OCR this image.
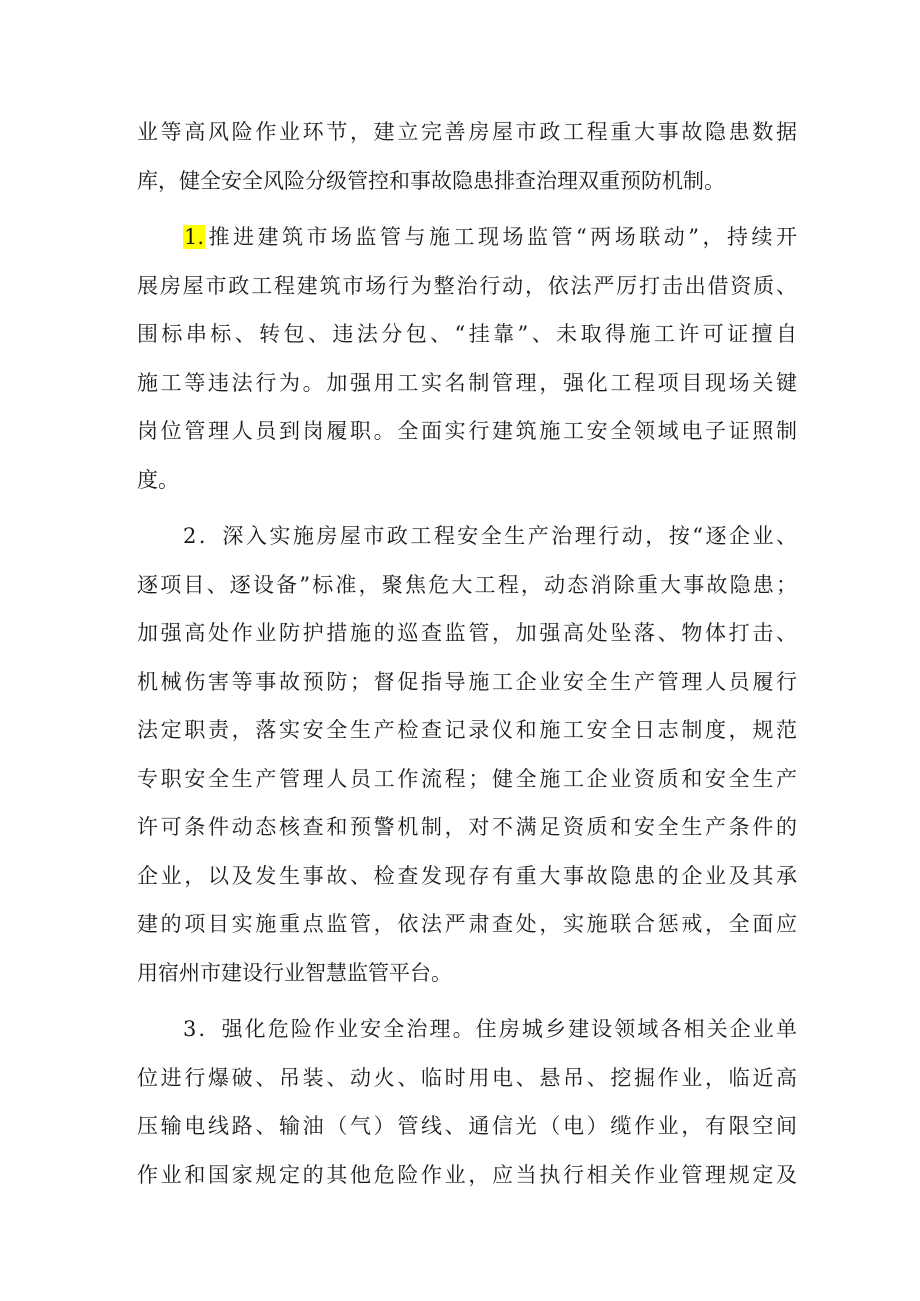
业等高风险作业环节，建立完善房屋市政工程重大事故隐患数据
库，健全安全风险分级管控和事故隐患排查治理双重预防机制。
1.推进建筑市场监管与施工现场监管“两场联动”，持续开
展房屋市政工程建筑市场行为整治行动，依法严厉打击出借资质、
围标串标、转包、违法分包、“挂靠”、未取得施工许可证擅自
施工等违法行为。加强用工实名制管理，强化工程项目现场关键
岗位管理人员到岗履职。全面实行建筑施工安全领域电子证照制
度。
2．深入实施房屋市政工程安全生产治理行动，按“逐企业、
逐项目、逐设备”标准，聚焦危大工程，动态消除重大事故隐患；
加强高处作业防护措施的巡查监管，加强高处坠落、物体打击、
机械伤害等事故预防；督促指导施工企业安全生产管理人员履行
法定职责，落实安全生产检查记录仪和施工安全日志制度，规范
专职安全生产管理人员工作流程；健全施工企业资质和安全生产
许可条件动态核查和预警机制，对不满足资质和安全生产条件的
企业，以及发生事故、检查发现存有重大事故隐患的企业及其承
建的项目实施重点监管，依法严肃查处，实施联合惩戒，全面应
用宿州市建设行业智慧监管平台。
3．强化危险作业安全治理。住房城乡建设领域各相关企业单
位进行爆破、吊装、动火、临时用电、悬吊、挖掘作业，临近高
压输电线路、输油（气）管线、通信光（电）缆作业，有限空间
作业和国家规定的其他危险作业，应当执行相关作业管理规定及
